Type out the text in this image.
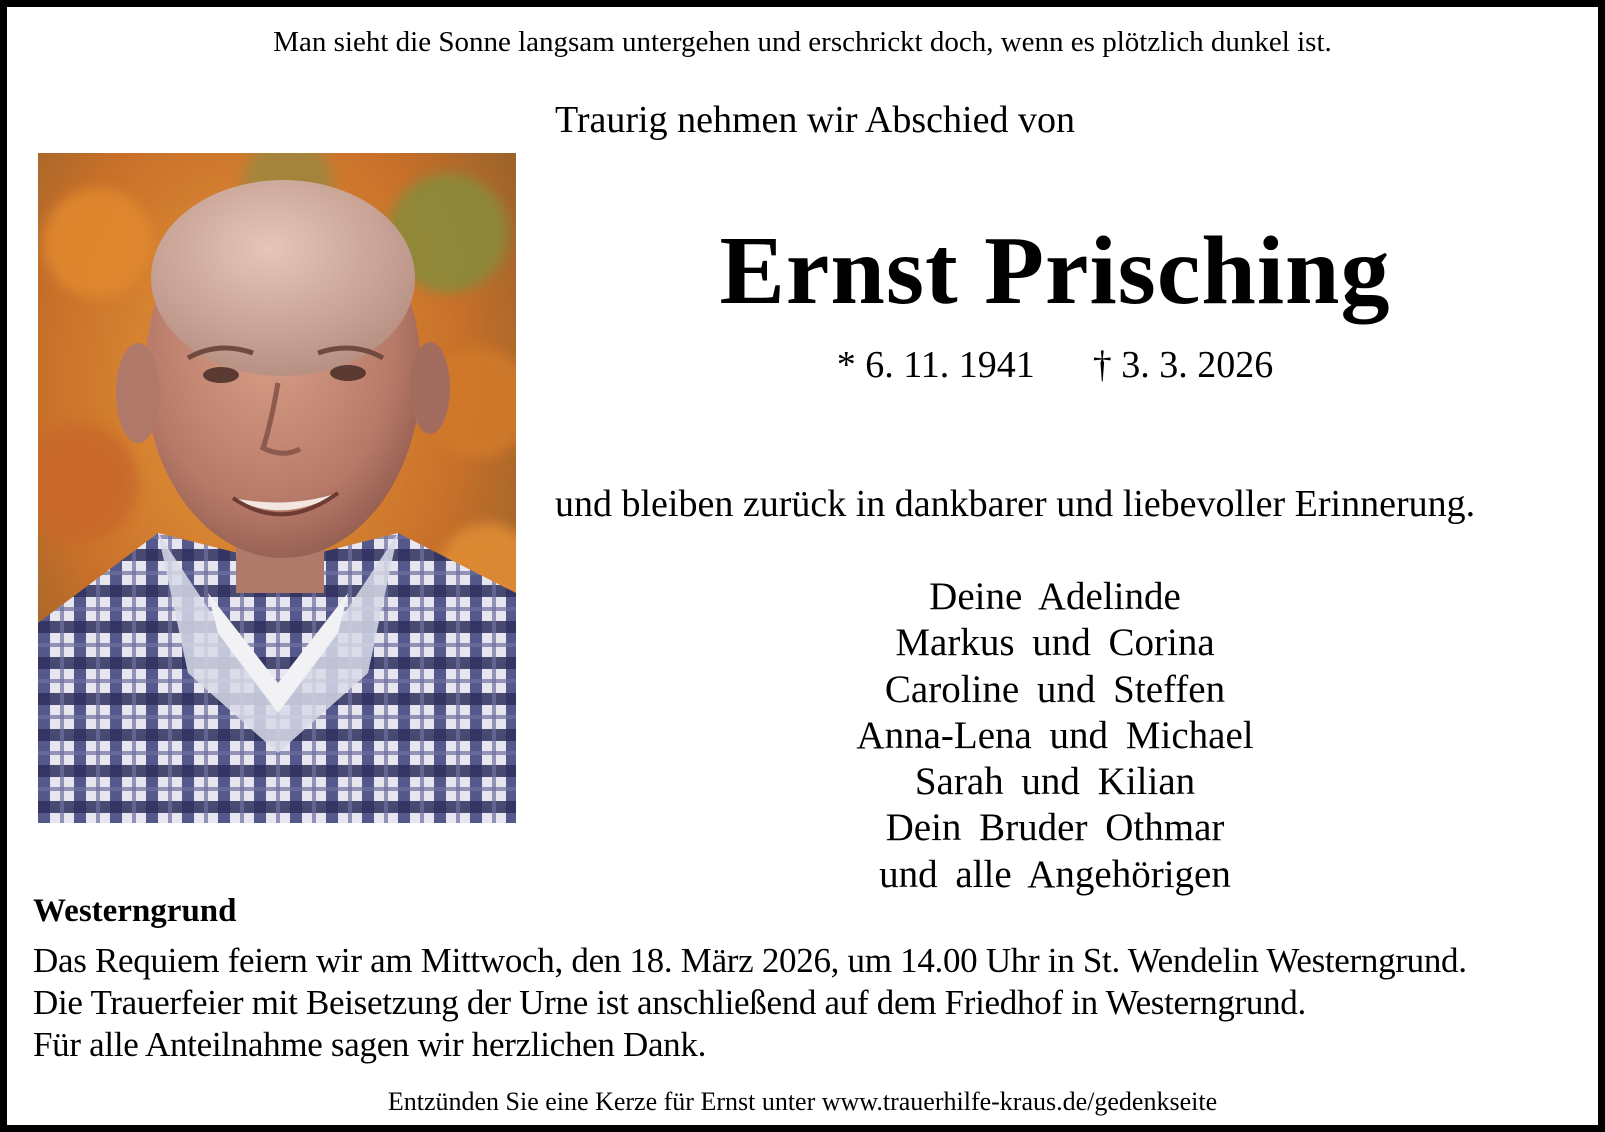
Man sieht die Sonne langsam untergehen und erschrickt doch, wenn es plötzlich dunkel ist.
Traurig nehmen wir Abschied von
Ernst Prisching
* 6. 11. 1941 † 3. 3. 2026
und bleiben zurück in dankbarer und liebevoller Erinnerung.
Deine Adelinde
Markus und Corina
Caroline und Steffen
Anna-Lena und Michael
Sarah und Kilian
Dein Bruder Othmar
und alle Angehörigen
Westerngrund
Das Requiem feiern wir am Mittwoch, den 18. März 2026, um 14.00 Uhr in St. Wendelin Westerngrund.
Die Trauerfeier mit Beisetzung der Urne ist anschließend auf dem Friedhof in Westerngrund.
Für alle Anteilnahme sagen wir herzlichen Dank.
Entzünden Sie eine Kerze für Ernst unter www.trauerhilfe-kraus.de/gedenkseite
